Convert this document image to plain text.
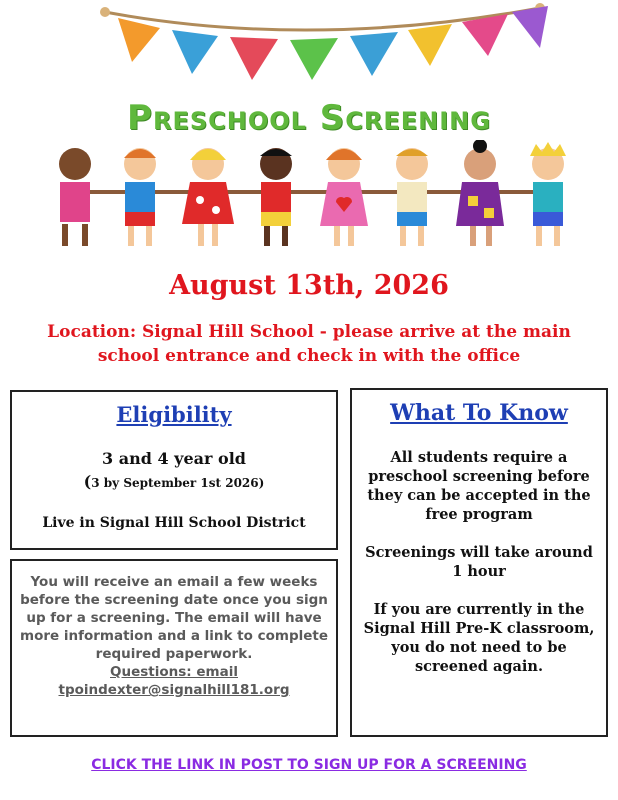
Preschool Screening
August 13th, 2026
Location: Signal Hill School - please arrive at the main school entrance and check in with the office
Eligibility
3 and 4 year old
(3 by September 1st 2026)
Live in Signal Hill School District
You will receive an email a few weeks before the screening date once you sign up for a screening. The email will have more information and a link to complete required paperwork.
Questions: email
tpoindexter@signalhill181.org
What To Know

All students require a preschool screening before they can be accepted in the free program

Screenings will take around 1 hour

If you are currently in the Signal Hill Pre-K classroom, you do not need to be screened again.

CLICK THE LINK IN POST TO SIGN UP FOR A SCREENING
